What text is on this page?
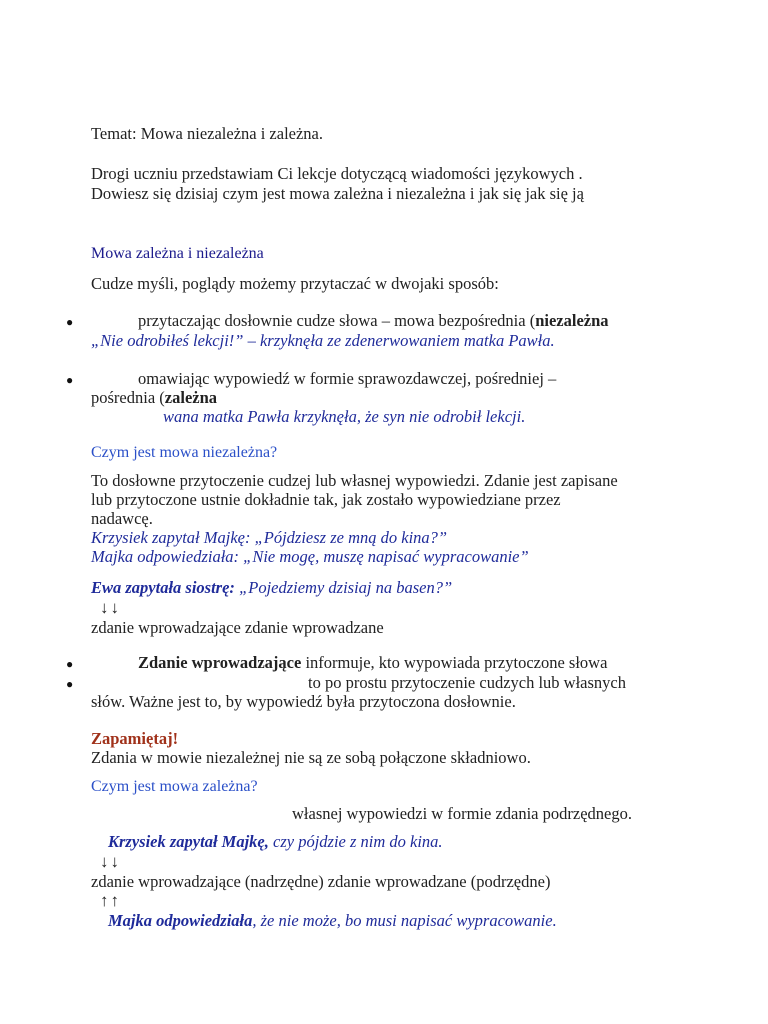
Temat: Mowa niezależna i zależna.
Drogi uczniu przedstawiam Ci lekcje dotyczącą wiadomości językowych .
Dowiesz się dzisiaj czym jest mowa zależna i niezależna i jak się jak się ją
Mowa zależna i niezależna
Cudze myśli, poglądy możemy przytaczać w dwojaki sposób:
●	przytaczając dosłownie cudze słowa – mowa bezpośrednia (niezależna
„Nie odrobiłeś lekcji!” – krzyknęła ze zdenerwowaniem matka Pawła.
●	omawiając wypowiedź w formie sprawozdawczej, pośredniej –
pośrednia (zależna
wana matka Pawła krzyknęła, że syn nie odrobił lekcji.
Czym jest mowa niezależna?
To dosłowne przytoczenie cudzej lub własnej wypowiedzi. Zdanie jest zapisane
lub przytoczone ustnie dokładnie tak, jak zostało wypowiedziane przez
nadawcę.
Krzysiek zapytał Majkę: „Pójdziesz ze mną do kina?”
Majka odpowiedziała: „Nie mogę, muszę napisać wypracowanie”
Ewa zapytała siostrę: „Pojedziemy dzisiaj na basen?”
↓↓
zdanie wprowadzające zdanie wprowadzane
●	Zdanie wprowadzające informuje, kto wypowiada przytoczone słowa
●	to po prostu przytoczenie cudzych lub własnych
słów. Ważne jest to, by wypowiedź była przytoczona dosłownie.
Zapamiętaj!
Zdania w mowie niezależnej nie są ze sobą połączone składniowo.
Czym jest mowa zależna?
własnej wypowiedzi w formie zdania podrzędnego.
Krzysiek zapytał Majkę, czy pójdzie z nim do kina.
↓↓
zdanie wprowadzające (nadrzędne) zdanie wprowadzane (podrzędne)
↑↑
Majka odpowiedziała, że nie może, bo musi napisać wypracowanie.
